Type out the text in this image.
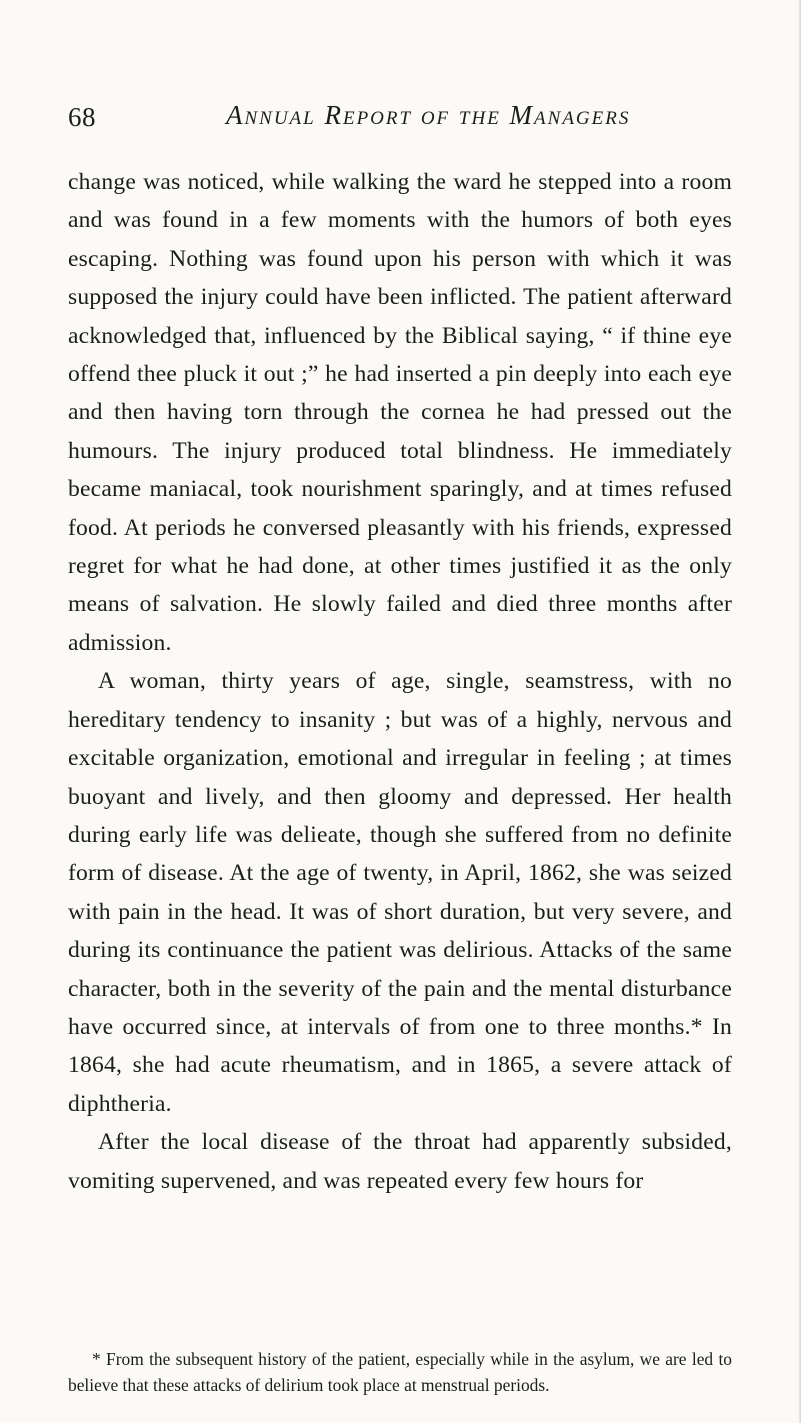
68	Annual Report of the Managers

change was noticed, while walking the ward he stepped into a room and was found in a few moments with the humors of both eyes escaping. Nothing was found upon his person with which it was supposed the injury could have been inflicted. The patient afterward acknowledged that, influenced by the Biblical saying, “ if thine eye offend thee pluck it out ;” he had inserted a pin deeply into each eye and then having torn through the cornea he had pressed out the humours. The injury produced total blindness. He immediately became maniacal, took nourishment sparingly, and at times refused food. At periods he conversed pleasantly with his friends, expressed regret for what he had done, at other times justified it as the only means of salvation. He slowly failed and died three months after admission.

A woman, thirty years of age, single, seamstress, with no hereditary tendency to insanity ; but was of a highly, nervous and excitable organization, emotional and irregular in feeling ; at times buoyant and lively, and then gloomy and depressed. Her health during early life was delieate, though she suffered from no definite form of disease. At the age of twenty, in April, 1862, she was seized with pain in the head. It was of short duration, but very severe, and during its continuance the patient was delirious. Attacks of the same character, both in the severity of the pain and the mental disturbance have occurred since, at intervals of from one to three months.* In 1864, she had acute rheumatism, and in 1865, a severe attack of diphtheria.

After the local disease of the throat had apparently subsided, vomiting supervened, and was repeated every few hours for

* From the subsequent history of the patient, especially while in the asylum, we are led to believe that these attacks of delirium took place at menstrual periods.
